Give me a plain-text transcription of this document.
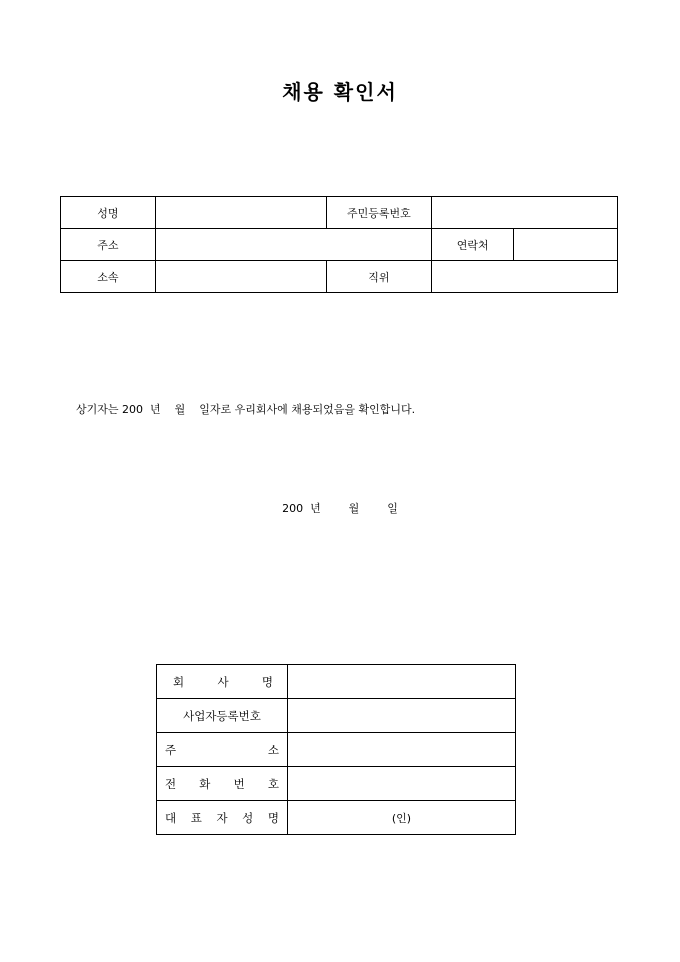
채용 확인서
성명		주민등록번호		
주소			연락처	
소속		직위		
상기자는 200  년    월    일자로 우리회사에 채용되었음을 확인합니다.
200  년        월        일
회 사 명	

사업자등록번호	

주 소	

전 화 번 호	

대 표 자 성 명	(인)
